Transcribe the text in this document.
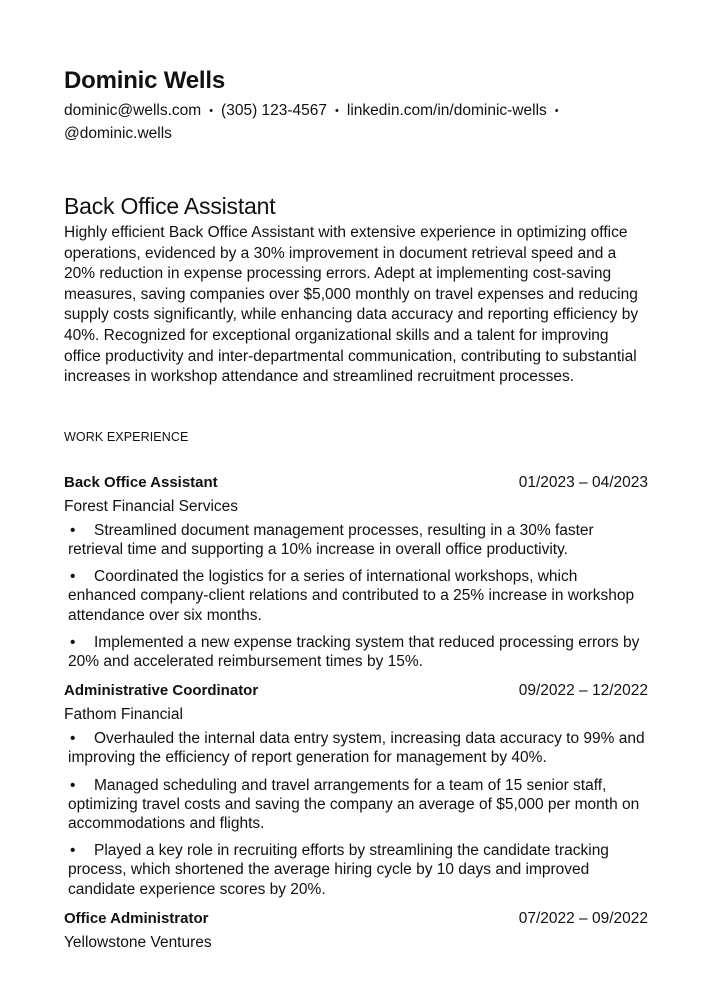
Dominic Wells
dominic@wells.com • (305) 123-4567 • linkedin.com/in/dominic-wells •
@dominic.wells
Back Office Assistant
Highly efficient Back Office Assistant with extensive experience in optimizing office operations, evidenced by a 30% improvement in document retrieval speed and a 20% reduction in expense processing errors. Adept at implementing cost-saving measures, saving companies over $5,000 monthly on travel expenses and reducing supply costs significantly, while enhancing data accuracy and reporting efficiency by 40%. Recognized for exceptional organizational skills and a talent for improving office productivity and inter-departmental communication, contributing to substantial increases in workshop attendance and streamlined recruitment processes.
WORK EXPERIENCE
Back Office Assistant	01/2023 – 04/2023
Forest Financial Services
• Streamlined document management processes, resulting in a 30% faster retrieval time and supporting a 10% increase in overall office productivity.
• Coordinated the logistics for a series of international workshops, which enhanced company-client relations and contributed to a 25% increase in workshop attendance over six months.
• Implemented a new expense tracking system that reduced processing errors by 20% and accelerated reimbursement times by 15%.
Administrative Coordinator	09/2022 – 12/2022
Fathom Financial
• Overhauled the internal data entry system, increasing data accuracy to 99% and improving the efficiency of report generation for management by 40%.
• Managed scheduling and travel arrangements for a team of 15 senior staff, optimizing travel costs and saving the company an average of $5,000 per month on accommodations and flights.
• Played a key role in recruiting efforts by streamlining the candidate tracking process, which shortened the average hiring cycle by 10 days and improved candidate experience scores by 20%.
Office Administrator	07/2022 – 09/2022
Yellowstone Ventures
